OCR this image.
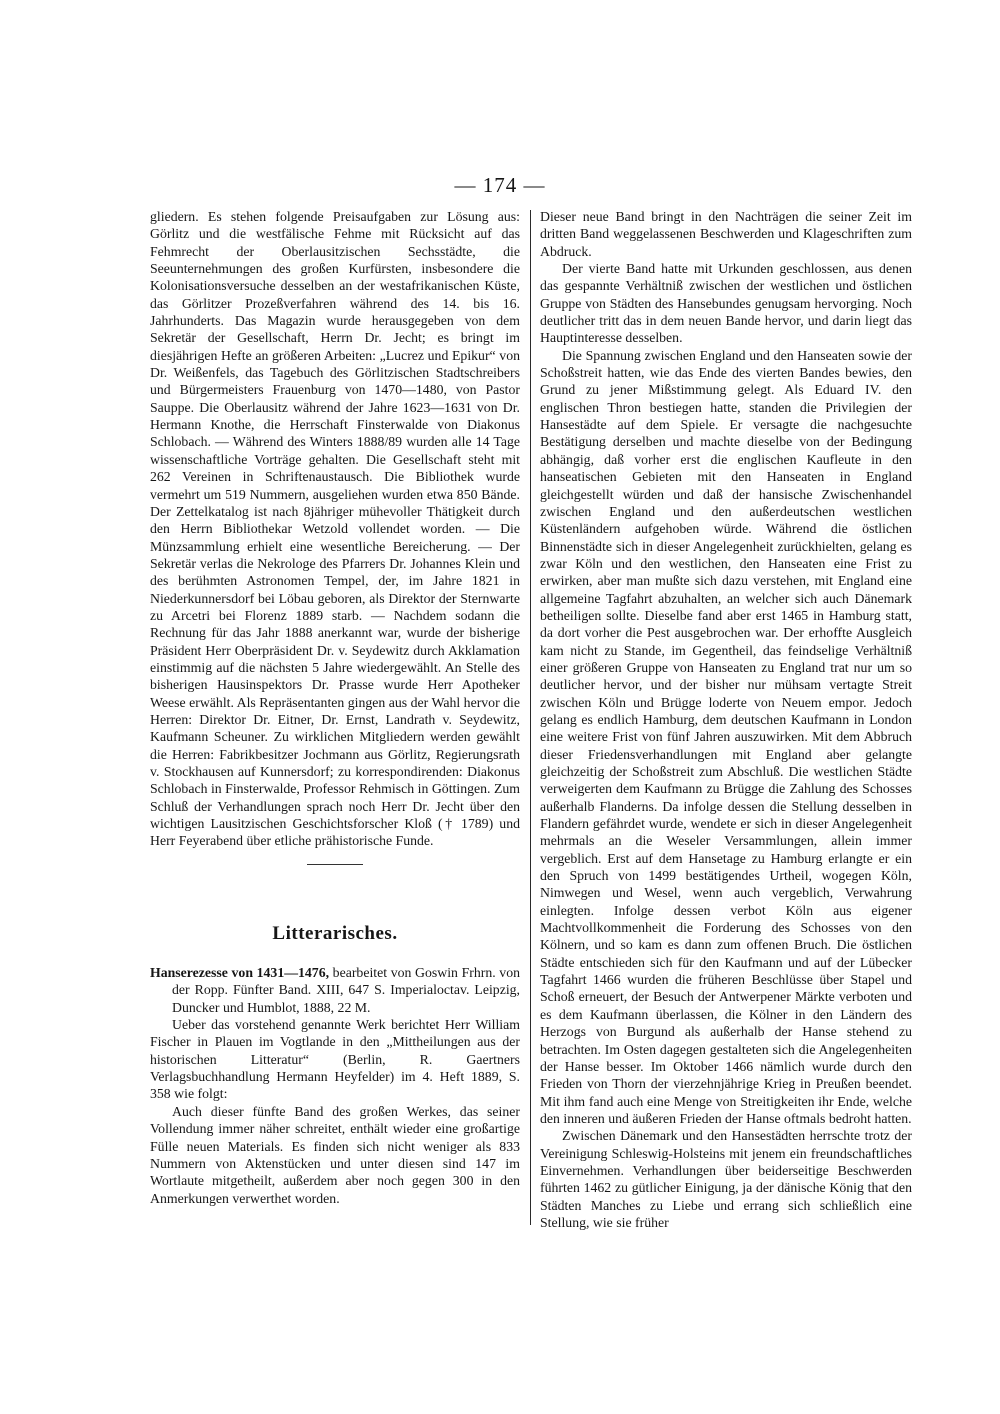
— 174 —

gliedern. Es stehen folgende Preisaufgaben zur Lösung aus: Görlitz und die westfälische Fehme mit Rücksicht auf das Fehmrecht der Oberlausitzischen Sechsstädte, die Seeunternehmungen des großen Kurfürsten, insbesondere die Kolonisationsversuche desselben an der westafrikanischen Küste, das Görlitzer Prozeßverfahren während des 14. bis 16. Jahrhunderts. Das Magazin wurde herausgegeben von dem Sekretär der Gesellschaft, Herrn Dr. Jecht; es bringt im diesjährigen Hefte an größeren Arbeiten: „Lucrez und Epikur“ von Dr. Weißenfels, das Tagebuch des Görlitzischen Stadtschreibers und Bürgermeisters Frauenburg von 1470—1480, von Pastor Sauppe. Die Oberlausitz während der Jahre 1623—1631 von Dr. Hermann Knothe, die Herrschaft Finsterwalde von Diakonus Schlobach. — Während des Winters 1888/89 wurden alle 14 Tage wissenschaftliche Vorträge gehalten. Die Gesellschaft steht mit 262 Vereinen in Schriftenaustausch. Die Bibliothek wurde vermehrt um 519 Nummern, ausgeliehen wurden etwa 850 Bände. Der Zettelkatalog ist nach 8jähriger mühevoller Thätigkeit durch den Herrn Bibliothekar Wetzold vollendet worden. — Die Münzsammlung erhielt eine wesentliche Bereicherung. — Der Sekretär verlas die Nekrologe des Pfarrers Dr. Johannes Klein und des berühmten Astronomen Tempel, der, im Jahre 1821 in Niederkunnersdorf bei Löbau geboren, als Direktor der Sternwarte zu Arcetri bei Florenz 1889 starb. — Nachdem sodann die Rechnung für das Jahr 1888 anerkannt war, wurde der bisherige Präsident Herr Oberpräsident Dr. v. Seydewitz durch Akklamation einstimmig auf die nächsten 5 Jahre wiedergewählt. An Stelle des bisherigen Hausinspektors Dr. Prasse wurde Herr Apotheker Weese erwählt. Als Repräsentanten gingen aus der Wahl hervor die Herren: Direktor Dr. Eitner, Dr. Ernst, Landrath v. Seydewitz, Kaufmann Scheuner. Zu wirklichen Mitgliedern werden gewählt die Herren: Fabrikbesitzer Jochmann aus Görlitz, Regierungsrath v. Stockhausen auf Kunnersdorf; zu korrespondirenden: Diakonus Schlobach in Finsterwalde, Professor Rehmisch in Göttingen. Zum Schluß der Verhandlungen sprach noch Herr Dr. Jecht über den wichtigen Lausitzischen Geschichtsforscher Kloß († 1789) und Herr Feyerabend über etliche prähistorische Funde.

Litterarisches.

Hanserezesse von 1431—1476, bearbeitet von Goswin Frhrn. von der Ropp. Fünfter Band. XIII, 647 S. Imperialoctav. Leipzig, Duncker und Humblot, 1888, 22 M.

Ueber das vorstehend genannte Werk berichtet Herr William Fischer in Plauen im Vogtlande in den „Mittheilungen aus der historischen Litteratur“ (Berlin, R. Gaertners Verlagsbuchhandlung Hermann Heyfelder) im 4. Heft 1889, S. 358 wie folgt:

Auch dieser fünfte Band des großen Werkes, das seiner Vollendung immer näher schreitet, enthält wieder eine großartige Fülle neuen Materials. Es finden sich nicht weniger als 833 Nummern von Aktenstücken und unter diesen sind 147 im Wortlaute mitgetheilt, außerdem aber noch gegen 300 in den Anmerkungen verwerthet worden.

Dieser neue Band bringt in den Nachträgen die seiner Zeit im dritten Band weggelassenen Beschwerden und Klageschriften zum Abdruck.

Der vierte Band hatte mit Urkunden geschlossen, aus denen das gespannte Verhältniß zwischen der westlichen und östlichen Gruppe von Städten des Hansebundes genugsam hervorging. Noch deutlicher tritt das in dem neuen Bande hervor, und darin liegt das Hauptinteresse desselben.

Die Spannung zwischen England und den Hanseaten sowie der Schoßstreit hatten, wie das Ende des vierten Bandes bewies, den Grund zu jener Mißstimmung gelegt. Als Eduard IV. den englischen Thron bestiegen hatte, standen die Privilegien der Hansestädte auf dem Spiele. Er versagte die nachgesuchte Bestätigung derselben und machte dieselbe von der Bedingung abhängig, daß vorher erst die englischen Kaufleute in den hanseatischen Gebieten mit den Hanseaten in England gleichgestellt würden und daß der hansische Zwischenhandel zwischen England und den außerdeutschen westlichen Küstenländern aufgehoben würde. Während die östlichen Binnenstädte sich in dieser Angelegenheit zurückhielten, gelang es zwar Köln und den westlichen, den Hanseaten eine Frist zu erwirken, aber man mußte sich dazu verstehen, mit England eine allgemeine Tagfahrt abzuhalten, an welcher sich auch Dänemark betheiligen sollte. Dieselbe fand aber erst 1465 in Hamburg statt, da dort vorher die Pest ausgebrochen war. Der erhoffte Ausgleich kam nicht zu Stande, im Gegentheil, das feindselige Verhältniß einer größeren Gruppe von Hanseaten zu England trat nur um so deutlicher hervor, und der bisher nur mühsam vertagte Streit zwischen Köln und Brügge loderte von Neuem empor. Jedoch gelang es endlich Hamburg, dem deutschen Kaufmann in London eine weitere Frist von fünf Jahren auszuwirken. Mit dem Abbruch dieser Friedensverhandlungen mit England aber gelangte gleichzeitig der Schoßstreit zum Abschluß. Die westlichen Städte verweigerten dem Kaufmann zu Brügge die Zahlung des Schosses außerhalb Flanderns. Da infolge dessen die Stellung desselben in Flandern gefährdet wurde, wendete er sich in dieser Angelegenheit mehrmals an die Weseler Versammlungen, allein immer vergeblich. Erst auf dem Hansetage zu Hamburg erlangte er ein den Spruch von 1499 bestätigendes Urtheil, wogegen Köln, Nimwegen und Wesel, wenn auch vergeblich, Verwahrung einlegten. Infolge dessen verbot Köln aus eigener Machtvollkommenheit die Forderung des Schosses von den Kölnern, und so kam es dann zum offenen Bruch. Die östlichen Städte entschieden sich für den Kaufmann und auf der Lübecker Tagfahrt 1466 wurden die früheren Beschlüsse über Stapel und Schoß erneuert, der Besuch der Antwerpener Märkte verboten und es dem Kaufmann überlassen, die Kölner in den Ländern des Herzogs von Burgund als außerhalb der Hanse stehend zu betrachten. Im Osten dagegen gestalteten sich die Angelegenheiten der Hanse besser. Im Oktober 1466 nämlich wurde durch den Frieden von Thorn der vierzehnjährige Krieg in Preußen beendet. Mit ihm fand auch eine Menge von Streitigkeiten ihr Ende, welche den inneren und äußeren Frieden der Hanse oftmals bedroht hatten.

Zwischen Dänemark und den Hansestädten herrschte trotz der Vereinigung Schleswig-Holsteins mit jenem ein freundschaftliches Einvernehmen. Verhandlungen über beiderseitige Beschwerden führten 1462 zu gütlicher Einigung, ja der dänische König that den Städten Manches zu Liebe und errang sich schließlich eine Stellung, wie sie früher
